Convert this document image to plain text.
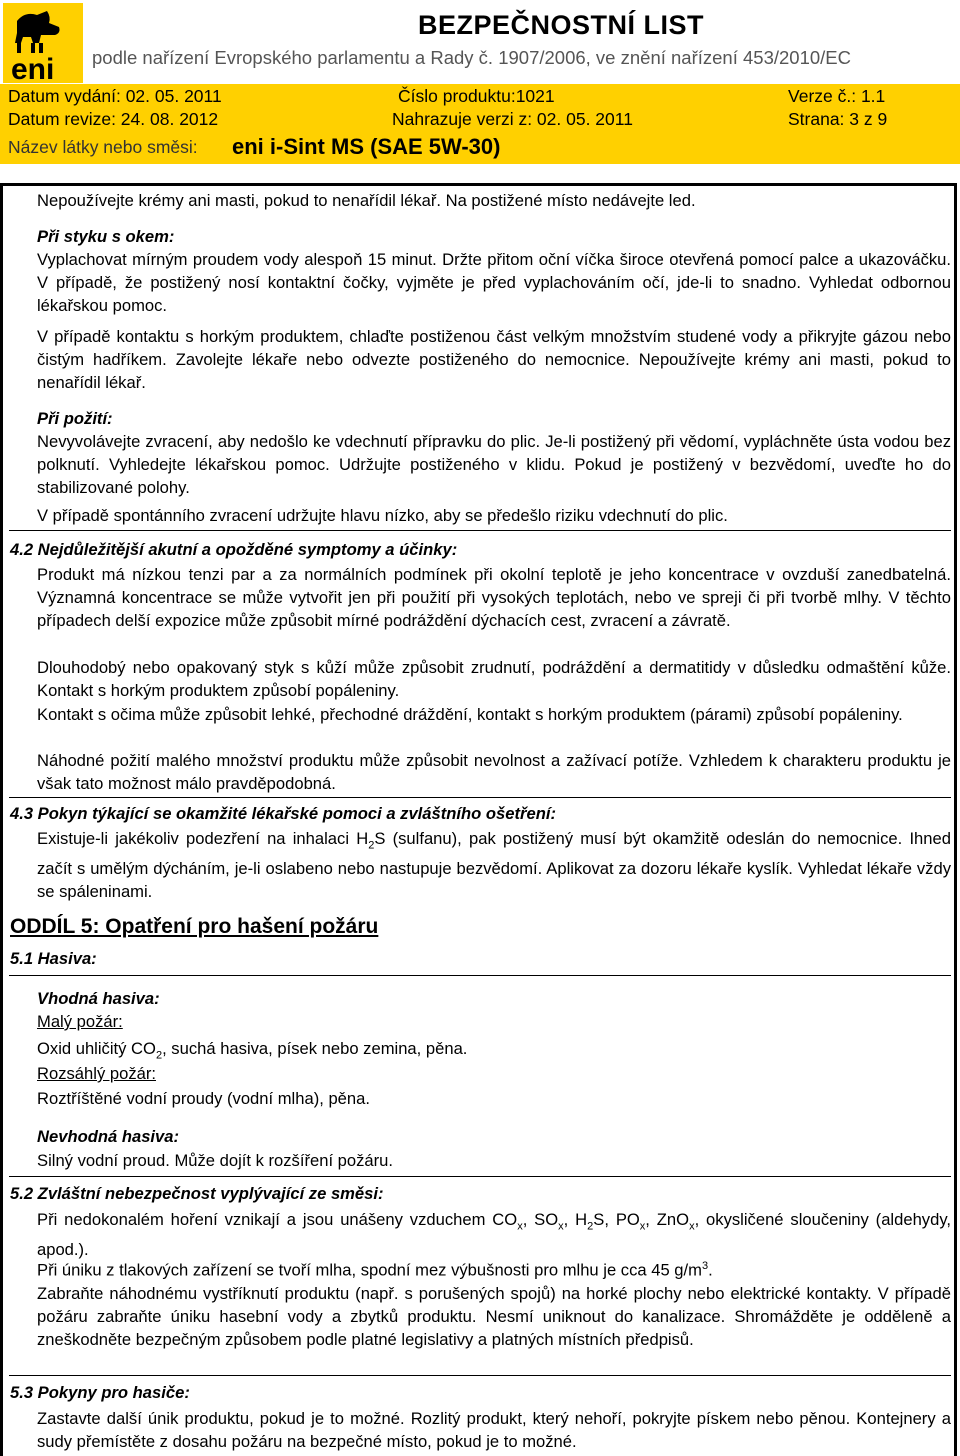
eni
BEZPEČNOSTNÍ LIST
podle nařízení Evropského parlamentu a Rady č. 1907/2006, ve znění nařízení 453/2010/EC
Datum vydání: 02. 05. 2011	Číslo produktu:1021	Verze č.: 1.1
Datum revize: 24. 08. 2012	Nahrazuje verzi z: 02. 05. 2011	Strana: 3 z 9
Název látky nebo směsi: eni i-Sint MS (SAE 5W-30)
Nepoužívejte krémy ani masti, pokud to nenařídil lékař. Na postižené místo nedávejte led.
Při styku s okem:
Vyplachovat mírným proudem vody alespoň 15 minut. Držte přitom oční víčka široce otevřená pomocí palce a ukazováčku. V případě, že postižený nosí kontaktní čočky, vyjměte je před vyplachováním očí, jde-li to snadno. Vyhledat odbornou lékařskou pomoc.
V případě kontaktu s horkým produktem, chlaďte postiženou část velkým množstvím studené vody a přikryjte gázou nebo čistým hadříkem. Zavolejte lékaře nebo odvezte postiženého do nemocnice. Nepoužívejte krémy ani masti, pokud to nenařídil lékař.
Při požití:
Nevyvolávejte zvracení, aby nedošlo ke vdechnutí přípravku do plic. Je-li postižený při vědomí, vypláchněte ústa vodou bez polknutí. Vyhledejte lékařskou pomoc. Udržujte postiženého v klidu. Pokud je postižený v bezvědomí, uveďte ho do stabilizované polohy.
V případě spontánního zvracení udržujte hlavu nízko, aby se předešlo riziku vdechnutí do plic.
4.2 Nejdůležitější akutní a opožděné symptomy a účinky:
Produkt má nízkou tenzi par a za normálních podmínek při okolní teplotě je jeho koncentrace v ovzduší zanedbatelná. Významná koncentrace se může vytvořit jen při použití při vysokých teplotách, nebo ve spreji či při tvorbě mlhy. V těchto případech delší expozice může způsobit mírné podráždění dýchacích cest, zvracení a závratě.
Dlouhodobý nebo opakovaný styk s kůží může způsobit zrudnutí, podráždění a dermatitidy v důsledku odmaštění kůže. Kontakt s horkým produktem způsobí popáleniny.
Kontakt s očima může způsobit lehké, přechodné dráždění, kontakt s horkým produktem (párami) způsobí popáleniny.
Náhodné požití malého množství produktu může způsobit nevolnost a zažívací potíže. Vzhledem k charakteru produktu je však tato možnost málo pravděpodobná.
4.3 Pokyn týkající se okamžité lékařské pomoci a zvláštního ošetření:
Existuje-li jakékoliv podezření na inhalaci $H_2S$ (sulfanu), pak postižený musí být okamžitě odeslán do nemocnice. Ihned začít s umělým dýcháním, je-li oslabeno nebo nastupuje bezvědomí. Aplikovat za dozoru lékaře kyslík. Vyhledat lékaře vždy se spáleninami.
ODDÍL 5: Opatření pro hašení požáru
5.1 Hasiva:
Vhodná hasiva:
Malý požár:
Oxid uhličitý $CO_2$, suchá hasiva, písek nebo zemina, pěna.
Rozsáhlý požár:
Roztříštěné vodní proudy (vodní mlha), pěna.
Nevhodná hasiva:
Silný vodní proud. Může dojít k rozšíření požáru.
5.2 Zvláštní nebezpečnost vyplývající ze směsi:
Při nedokonalém hoření vznikají a jsou unášeny vzduchem $CO_x$, $SO_x$, $H_2S$, $PO_x$, ZnO$_x$, okysličené sloučeniny (aldehydy, apod.).
Při úniku z tlakových zařízení se tvoří mlha, spodní mez výbušnosti pro mlhu je cca 45 $g/m^3$.
Zabraňte náhodnému vystříknutí produktu (např. s porušených spojů) na horké plochy nebo elektrické kontakty. V případě požáru zabraňte úniku hasební vody a zbytků produktu. Nesmí uniknout do kanalizace. Shromážděte je odděleně a zneškodněte bezpečným způsobem podle platné legislativy a platných místních předpisů.
5.3 Pokyny pro hasiče:
Zastavte další únik produktu, pokud je to možné. Rozlitý produkt, který nehoří, pokryjte pískem nebo pěnou. Kontejnery a sudy přemístěte z dosahu požáru na bezpečné místo, pokud je to možné.
